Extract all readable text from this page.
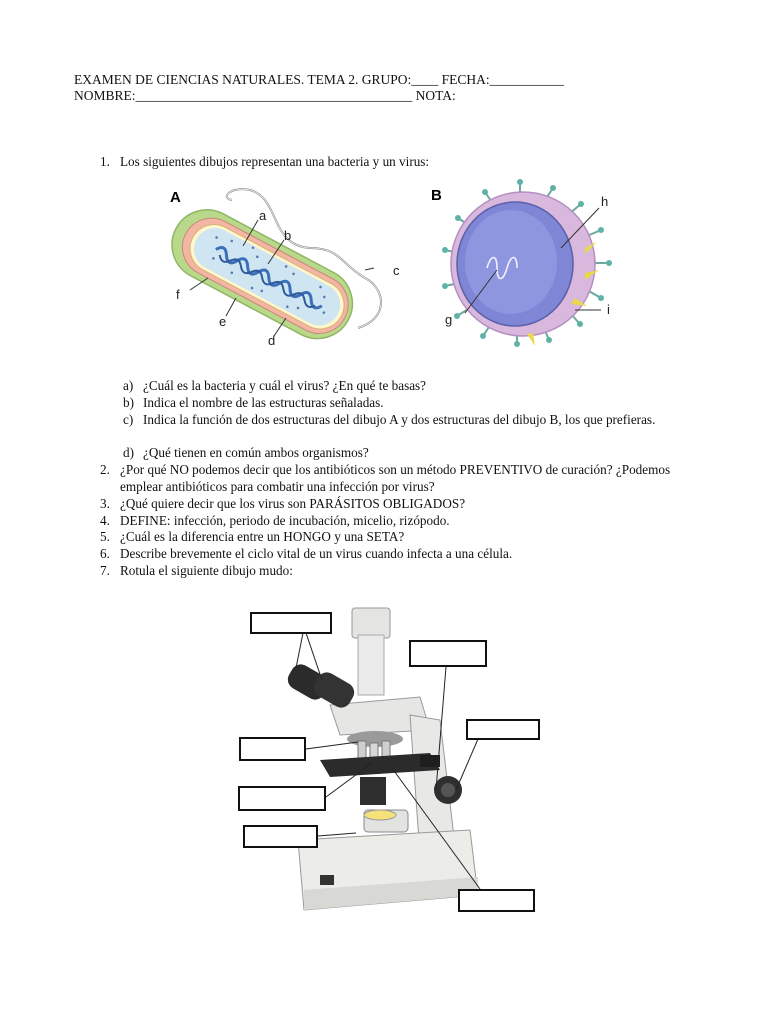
EXAMEN DE CIENCIAS NATURALES. TEMA 2. GRUPO:____ FECHA:___________
NOMBRE:_________________________________________ NOTA:
1. Los siguientes dibujos representan una bacteria y un virus:
A
a
b
c
d
e
f
B	h
g
i
a) ¿Cuál es la bacteria y cuál el virus? ¿En qué te basas?
b) Indica el nombre de las estructuras señaladas.
c) Indica la función de dos estructuras del dibujo A y dos estructuras del dibujo B, los que prefieras.
d) ¿Qué tienen en común ambos organismos?
2. ¿Por qué NO podemos decir que los antibióticos son un método PREVENTIVO de curación? ¿Podemos emplear antibióticos para combatir una infección por virus?
3. ¿Qué quiere decir que los virus son PARÁSITOS OBLIGADOS?
4. DEFINE: infección, periodo de incubación, micelio, rizópodo.
5. ¿Cuál es la diferencia entre un HONGO y una SETA?
6. Describe brevemente el ciclo vital de un virus cuando infecta a una célula.
7. Rotula el siguiente dibujo mudo:
